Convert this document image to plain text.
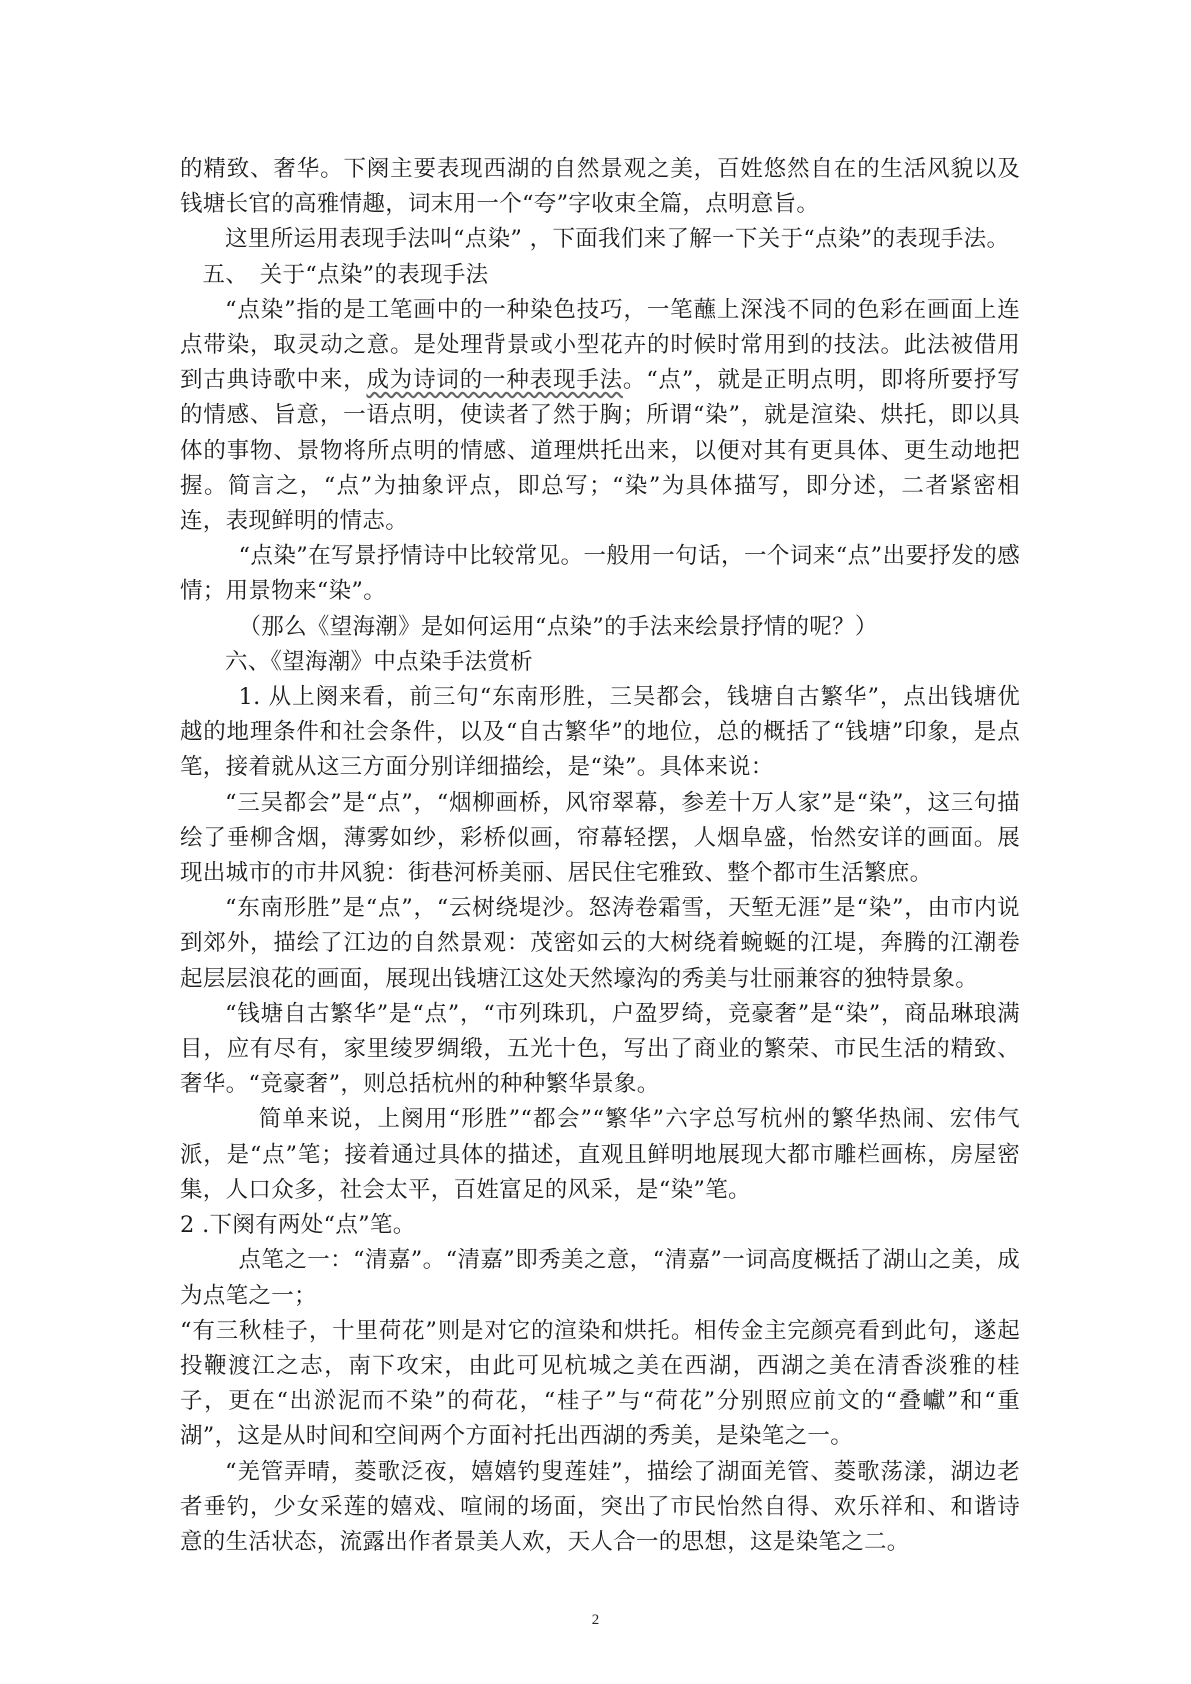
的精致、奢华。下阕主要表现西湖的自然景观之美，百姓悠然自在的生活风貌以及钱塘长官的高雅情趣，词末用一个“夸”字收束全篇，点明意旨。

这里所运用表现手法叫“点染” ，下面我们来了解一下关于“点染”的表现手法。

五、　关于“点染”的表现手法

“点染”指的是工笔画中的一种染色技巧，一笔蘸上深浅不同的色彩在画面上连点带染，取灵动之意。是处理背景或小型花卉的时候时常用到的技法。此法被借用到古典诗歌中来，成为诗词的一种表现手法。“点”，就是正明点明，即将所要抒写的情感、旨意，一语点明，使读者了然于胸；所谓“染”，就是渲染、烘托，即以具体的事物、景物将所点明的情感、道理烘托出来，以便对其有更具体、更生动地把握。简言之，“点”为抽象评点，即总写；“染”为具体描写，即分述，二者紧密相连，表现鲜明的情志。

“点染”在写景抒情诗中比较常见。一般用一句话，一个词来“点”出要抒发的感情；用景物来“染”。

（那么《望海潮》是如何运用“点染”的手法来绘景抒情的呢？）

六、《望海潮》中点染手法赏析

1. 从上阕来看，前三句“东南形胜，三吴都会，钱塘自古繁华”，点出钱塘优越的地理条件和社会条件，以及“自古繁华”的地位，总的概括了“钱塘”印象，是点笔，接着就从这三方面分别详细描绘，是“染”。具体来说：

“三吴都会”是“点”，“烟柳画桥，风帘翠幕，参差十万人家”是“染”，这三句描绘了垂柳含烟，薄雾如纱，彩桥似画，帘幕轻摆，人烟阜盛，怡然安详的画面。展现出城市的市井风貌：街巷河桥美丽、居民住宅雅致、整个都市生活繁庶。

“东南形胜”是“点”，“云树绕堤沙。怒涛卷霜雪，天堑无涯”是“染”，由市内说到郊外，描绘了江边的自然景观：茂密如云的大树绕着蜿蜒的江堤，奔腾的江潮卷起层层浪花的画面，展现出钱塘江这处天然壕沟的秀美与壮丽兼容的独特景象。

“钱塘自古繁华”是“点”，“市列珠玑，户盈罗绮，竞豪奢”是“染”，商品琳琅满目，应有尽有，家里绫罗绸缎，五光十色，写出了商业的繁荣、市民生活的精致、奢华。“竞豪奢”，则总括杭州的种种繁华景象。

简单来说，上阕用“形胜”“都会”“繁华”六字总写杭州的繁华热闹、宏伟气派，是“点”笔；接着通过具体的描述，直观且鲜明地展现大都市雕栏画栋，房屋密集，人口众多，社会太平，百姓富足的风采，是“染”笔。

2 .下阕有两处“点”笔。

点笔之一：“清嘉”。“清嘉”即秀美之意，“清嘉”一词高度概括了湖山之美，成为点笔之一；

“有三秋桂子，十里荷花”则是对它的渲染和烘托。相传金主完颜亮看到此句，遂起投鞭渡江之志，南下攻宋，由此可见杭城之美在西湖，西湖之美在清香淡雅的桂子，更在“出淤泥而不染”的荷花，“桂子”与“荷花”分别照应前文的“叠巘”和“重湖”，这是从时间和空间两个方面衬托出西湖的秀美，是染笔之一。

“羌管弄晴，菱歌泛夜，嬉嬉钓叟莲娃”，描绘了湖面羌管、菱歌荡漾，湖边老者垂钓，少女采莲的嬉戏、喧闹的场面，突出了市民怡然自得、欢乐祥和、和谐诗意的生活状态，流露出作者景美人欢，天人合一的思想，这是染笔之二。

2
